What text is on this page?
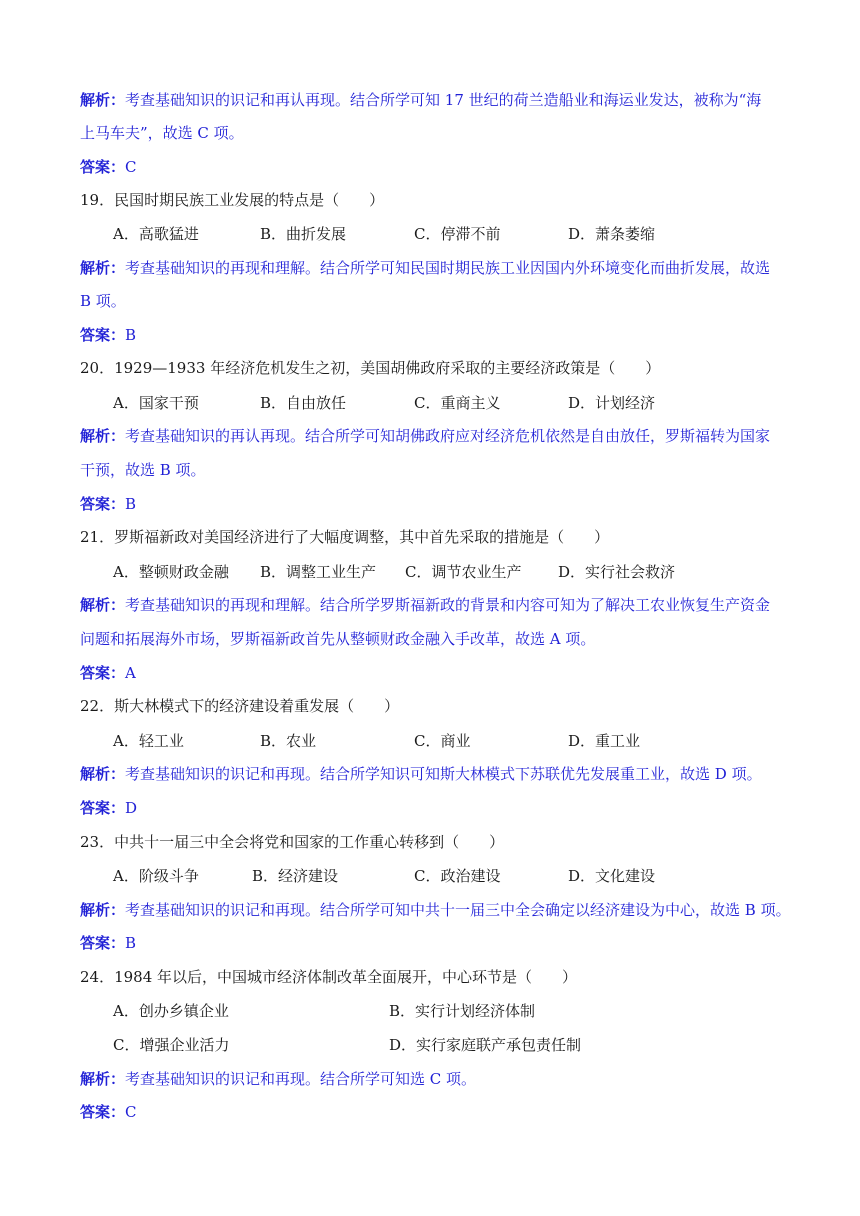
解析：考查基础知识的识记和再认再现。结合所学可知 17 世纪的荷兰造船业和海运业发达，被称为“海
上马车夫”，故选 C 项。
答案：C
19．民国时期民族工业发展的特点是（　　）
A．高歌猛进	B．曲折发展	C．停滞不前	D．萧条萎缩
解析：考查基础知识的再现和理解。结合所学可知民国时期民族工业因国内外环境变化而曲折发展，故选
B 项。
答案：B
20．1929—1933 年经济危机发生之初，美国胡佛政府采取的主要经济政策是（　　）
A．国家干预	B．自由放任	C．重商主义	D．计划经济
解析：考查基础知识的再认再现。结合所学可知胡佛政府应对经济危机依然是自由放任，罗斯福转为国家
干预，故选 B 项。
答案：B
21．罗斯福新政对美国经济进行了大幅度调整，其中首先采取的措施是（　　）
A．整顿财政金融 B．调整工业生产 C．调节农业生产 D．实行社会救济
解析：考查基础知识的再现和理解。结合所学罗斯福新政的背景和内容可知为了解决工农业恢复生产资金
问题和拓展海外市场，罗斯福新政首先从整顿财政金融入手改革，故选 A 项。
答案：A
22．斯大林模式下的经济建设着重发展（　　）
A．轻工业	B．农业	C．商业	D．重工业
解析：考查基础知识的识记和再现。结合所学知识可知斯大林模式下苏联优先发展重工业，故选 D 项。
答案：D
23．中共十一届三中全会将党和国家的工作重心转移到（　　）
A．阶级斗争	B．经济建设	C．政治建设	D．文化建设
解析：考查基础知识的识记和再现。结合所学可知中共十一届三中全会确定以经济建设为中心，故选 B 项。
答案：B
24．1984 年以后，中国城市经济体制改革全面展开，中心环节是（　　）
A．创办乡镇企业	B．实行计划经济体制
C．增强企业活力	D．实行家庭联产承包责任制
解析：考查基础知识的识记和再现。结合所学可知选 C 项。
答案：C
